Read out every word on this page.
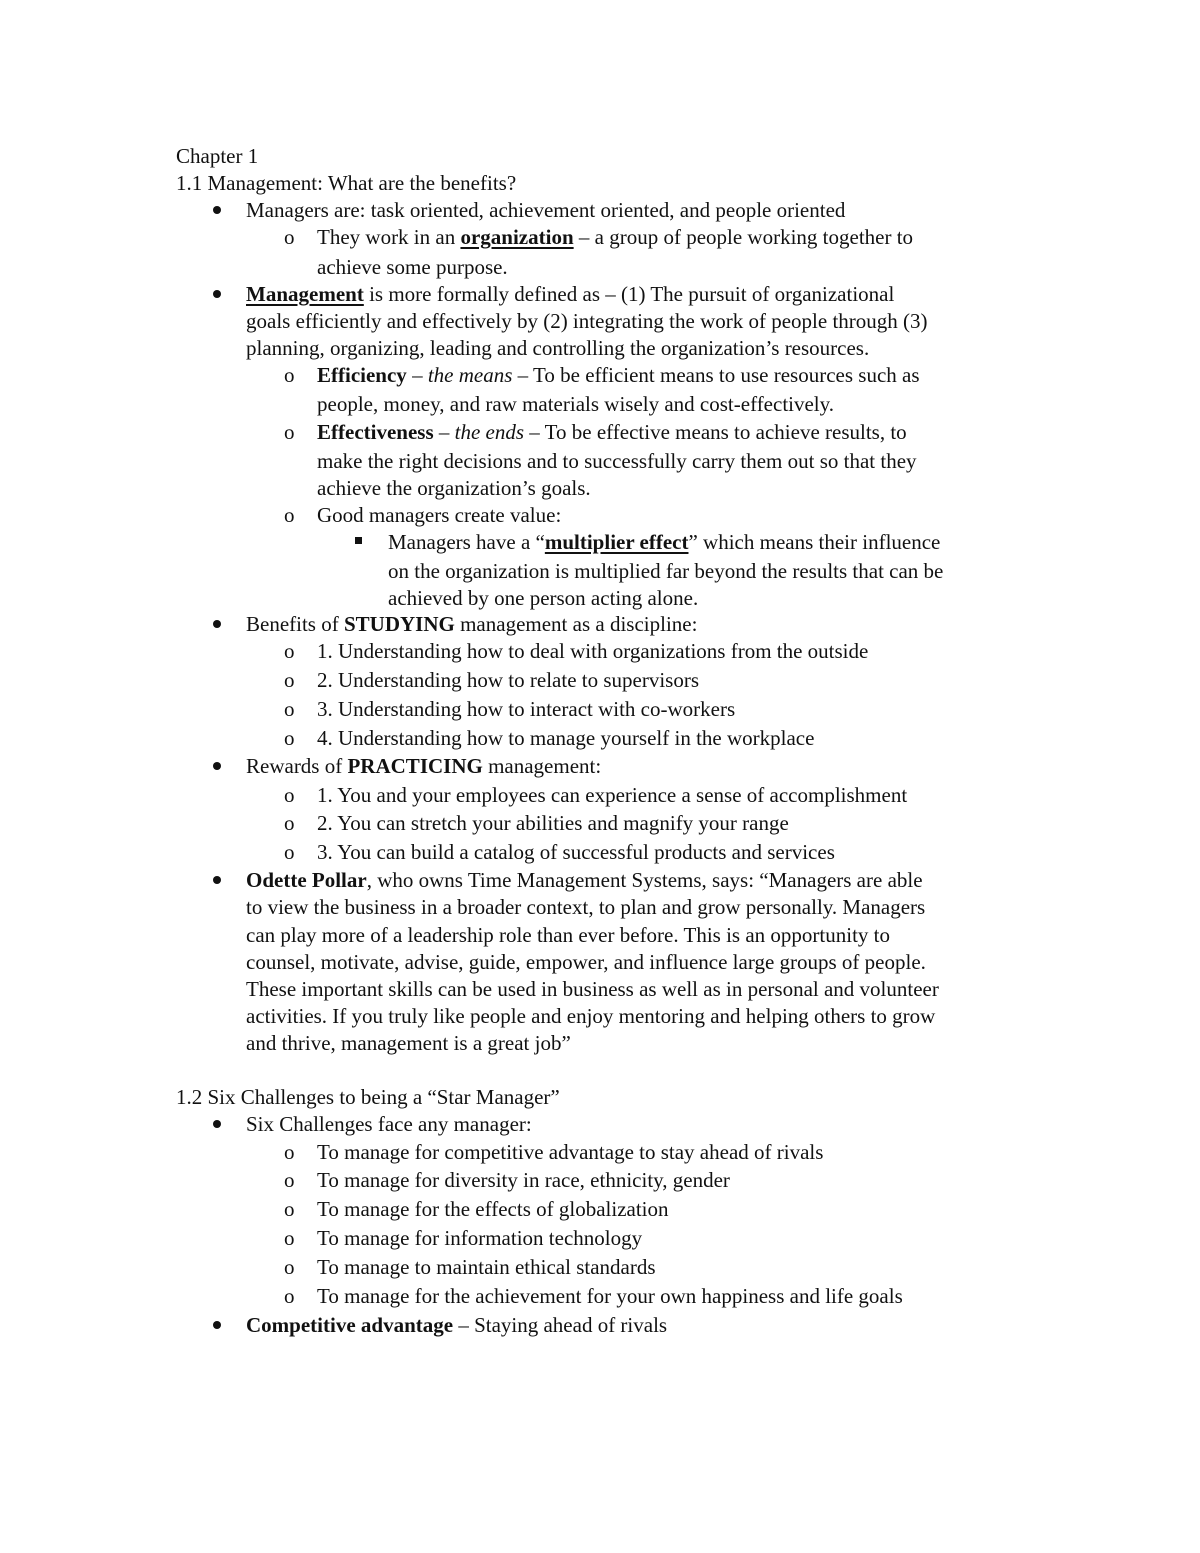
Chapter 1
1.1 Management: What are the benefits?
Managers are: task oriented, achievement oriented, and people oriented
o They work in an organization – a group of people working together to
achieve some purpose.
Management is more formally defined as – (1) The pursuit of organizational
goals efficiently and effectively by (2) integrating the work of people through (3)
planning, organizing, leading and controlling the organization’s resources.
o Efficiency – the means – To be efficient means to use resources such as
people, money, and raw materials wisely and cost-effectively.
o Effectiveness – the ends – To be effective means to achieve results, to
make the right decisions and to successfully carry them out so that they
achieve the organization’s goals.
o Good managers create value:
Managers have a “multiplier effect” which means their influence
on the organization is multiplied far beyond the results that can be
achieved by one person acting alone.
Benefits of STUDYING management as a discipline:
o 1. Understanding how to deal with organizations from the outside
o 2. Understanding how to relate to supervisors
o 3. Understanding how to interact with co-workers
o 4. Understanding how to manage yourself in the workplace
Rewards of PRACTICING management:
o 1. You and your employees can experience a sense of accomplishment
o 2. You can stretch your abilities and magnify your range
o 3. You can build a catalog of successful products and services
Odette Pollar, who owns Time Management Systems, says: “Managers are able
to view the business in a broader context, to plan and grow personally. Managers
can play more of a leadership role than ever before. This is an opportunity to
counsel, motivate, advise, guide, empower, and influence large groups of people.
These important skills can be used in business as well as in personal and volunteer
activities. If you truly like people and enjoy mentoring and helping others to grow
and thrive, management is a great job”
1.2 Six Challenges to being a “Star Manager”
Six Challenges face any manager:
o To manage for competitive advantage to stay ahead of rivals
o To manage for diversity in race, ethnicity, gender
o To manage for the effects of globalization
o To manage for information technology
o To manage to maintain ethical standards
o To manage for the achievement for your own happiness and life goals
Competitive advantage – Staying ahead of rivals
